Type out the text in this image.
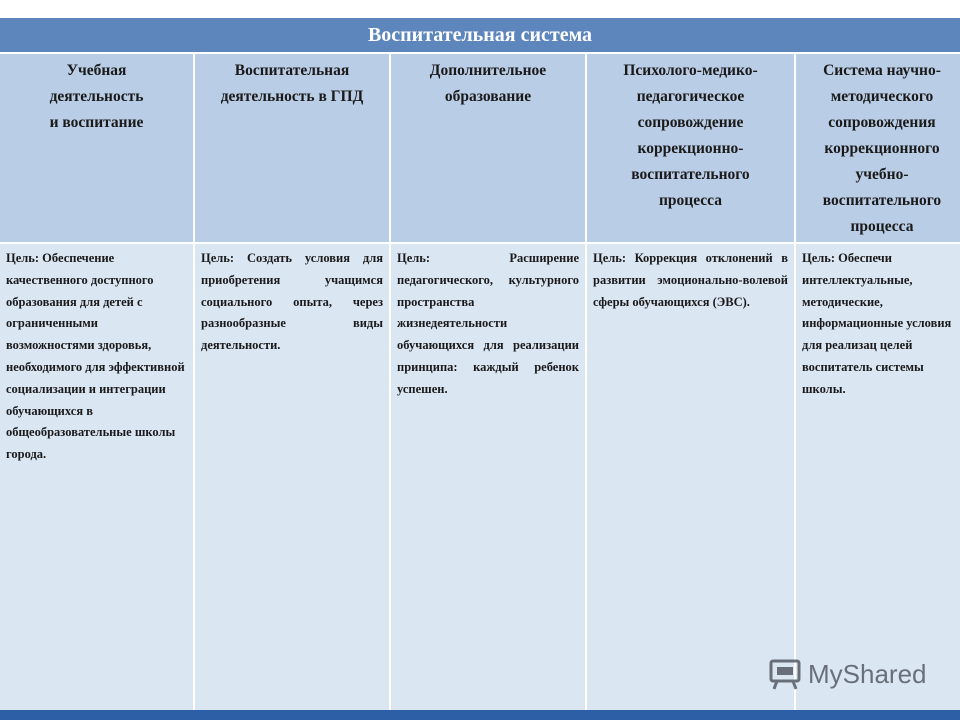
Воспитательная система
Учебная
деятельность
и воспитание
Цель: Обеспечение качественного доступного образования для детей с ограниченными возможностями здоровья, необходимого для эффективной социализации и интеграции обучающихся в общеобразовательные школы города.
Воспитательная
деятельность в ГПД
Цель: Создать условия для приобретения учащимся социального опыта, через разнообразные виды деятельности.
Дополнительное
образование
Цель: Расширение педагогического, культурного пространства жизнедеятельности обучающихся для реализации принципа: каждый ребенок успешен.
Психолого-медико-
педагогическое
сопровождение
коррекционно-
воспитательного
процесса
Цель: Коррекция отклонений в развитии эмоционально-волевой сферы обучающихся (ЭВС).
Система научно-
методического
сопровождения
коррекционного
учебно-
воспитательного
процесса
Цель: Обеспечи интеллектуальные, методические, информационные условия для реализац целей воспитатель системы школы.
MyShared
